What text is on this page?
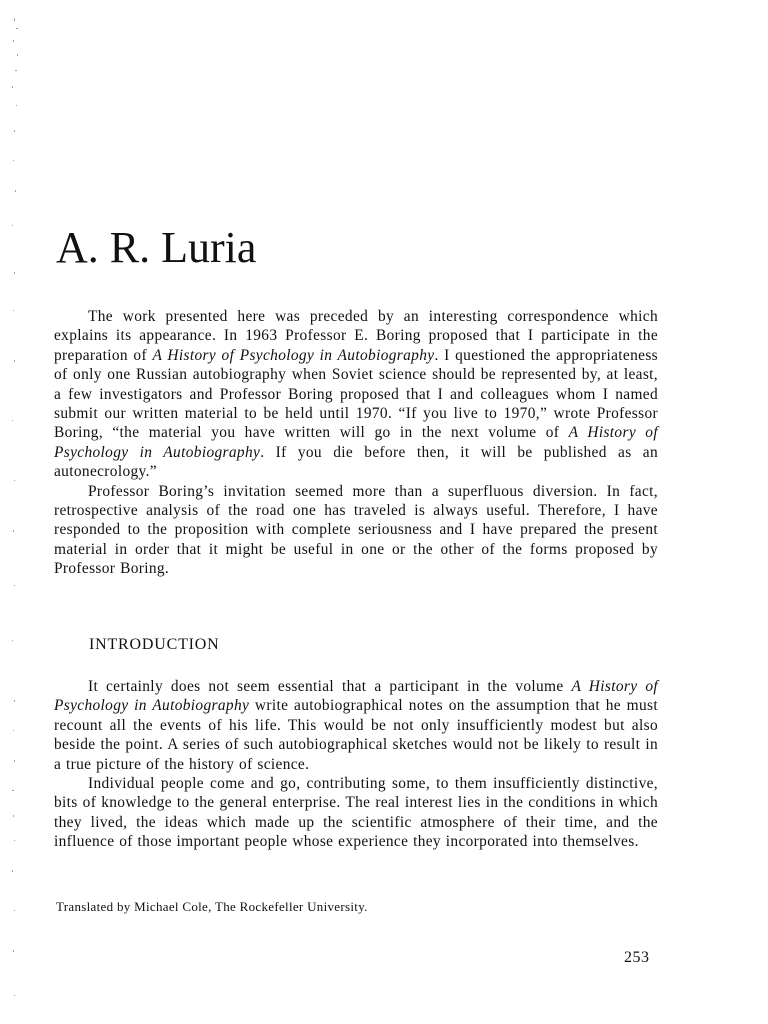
A. R. Luria

The work presented here was preceded by an interesting correspondence which explains its appearance. In 1963 Professor E. Boring proposed that I participate in the preparation of A History of Psychology in Autobiography. I questioned the appropriateness of only one Russian autobiography when Soviet science should be represented by, at least, a few investigators and Professor Boring proposed that I and colleagues whom I named submit our written material to be held until 1970. “If you live to 1970,” wrote Professor Boring, “the material you have written will go in the next volume of A History of Psychology in Autobiography. If you die before then, it will be published as an autonecrology.”

Professor Boring’s invitation seemed more than a superfluous diversion. In fact, retrospective analysis of the road one has traveled is always useful. Therefore, I have responded to the proposition with complete seriousness and I have prepared the present material in order that it might be useful in one or the other of the forms proposed by Professor Boring.

INTRODUCTION

It certainly does not seem essential that a participant in the volume A History of Psychology in Autobiography write autobiographical notes on the assumption that he must recount all the events of his life. This would be not only insufficiently modest but also beside the point. A series of such autobiographical sketches would not be likely to result in a true picture of the history of science.

Individual people come and go, contributing some, to them insufficiently distinctive, bits of knowledge to the general enterprise. The real interest lies in the conditions in which they lived, the ideas which made up the scientific atmosphere of their time, and the influence of those important people whose experience they incorporated into themselves.

Translated by Michael Cole, The Rockefeller University.

253
